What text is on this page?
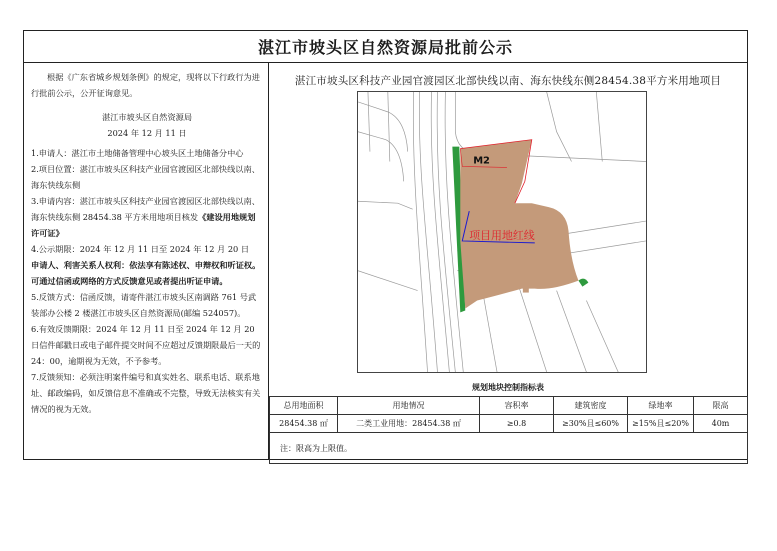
湛江市坡头区自然资源局批前公示

根据《广东省城乡规划条例》的规定，现将以下行政行为进行批前公示，公开征询意见。

湛江市坡头区自然资源局

2024 年 12 月 11 日

1.申请人：湛江市土地储备管理中心坡头区土地储备分中心

2.项目位置：湛江市坡头区科技产业园官渡园区北部快线以南、海东快线东侧

3.申请内容：湛江市坡头区科技产业园官渡园区北部快线以南、海东快线东侧 28454.38 平方米用地项目核发《建设用地规划许可证》

4.公示期限：2024 年 12 月 11 日至 2024 年 12 月 20 日

申请人、利害关系人权利：依法享有陈述权、申辩权和听证权。可通过信函或网络的方式反馈意见或者提出听证申请。

5.反馈方式：信函反馈，请寄件湛江市坡头区南调路 761 号武装部办公楼 2 楼湛江市坡头区自然资源局(邮编 524057)。

6.有效反馈期限：2024 年 12 月 11 日至 2024 年 12 月 20 日信件邮戳日或电子邮件提交时间不应超过反馈期限最后一天的 24：00，逾期视为无效，不予参考。

7.反馈须知：必须注明案件编号和真实姓名、联系电话、联系地址、邮政编码，如反馈信息不准确或不完整，导致无法核实有关情况的视为无效。

湛江市坡头区科技产业园官渡园区北部快线以南、海东快线东侧28454.38平方米用地项目
M2
项目用地红线
规划地块控制指标表
总用地面积	用地情况	容积率	建筑密度	绿地率	限高
28454.38 ㎡	二类工业用地：28454.38 ㎡	≥0.8	≥30%且≤60%	≥15%且≤20%	40m
注：限高为上限值。					
